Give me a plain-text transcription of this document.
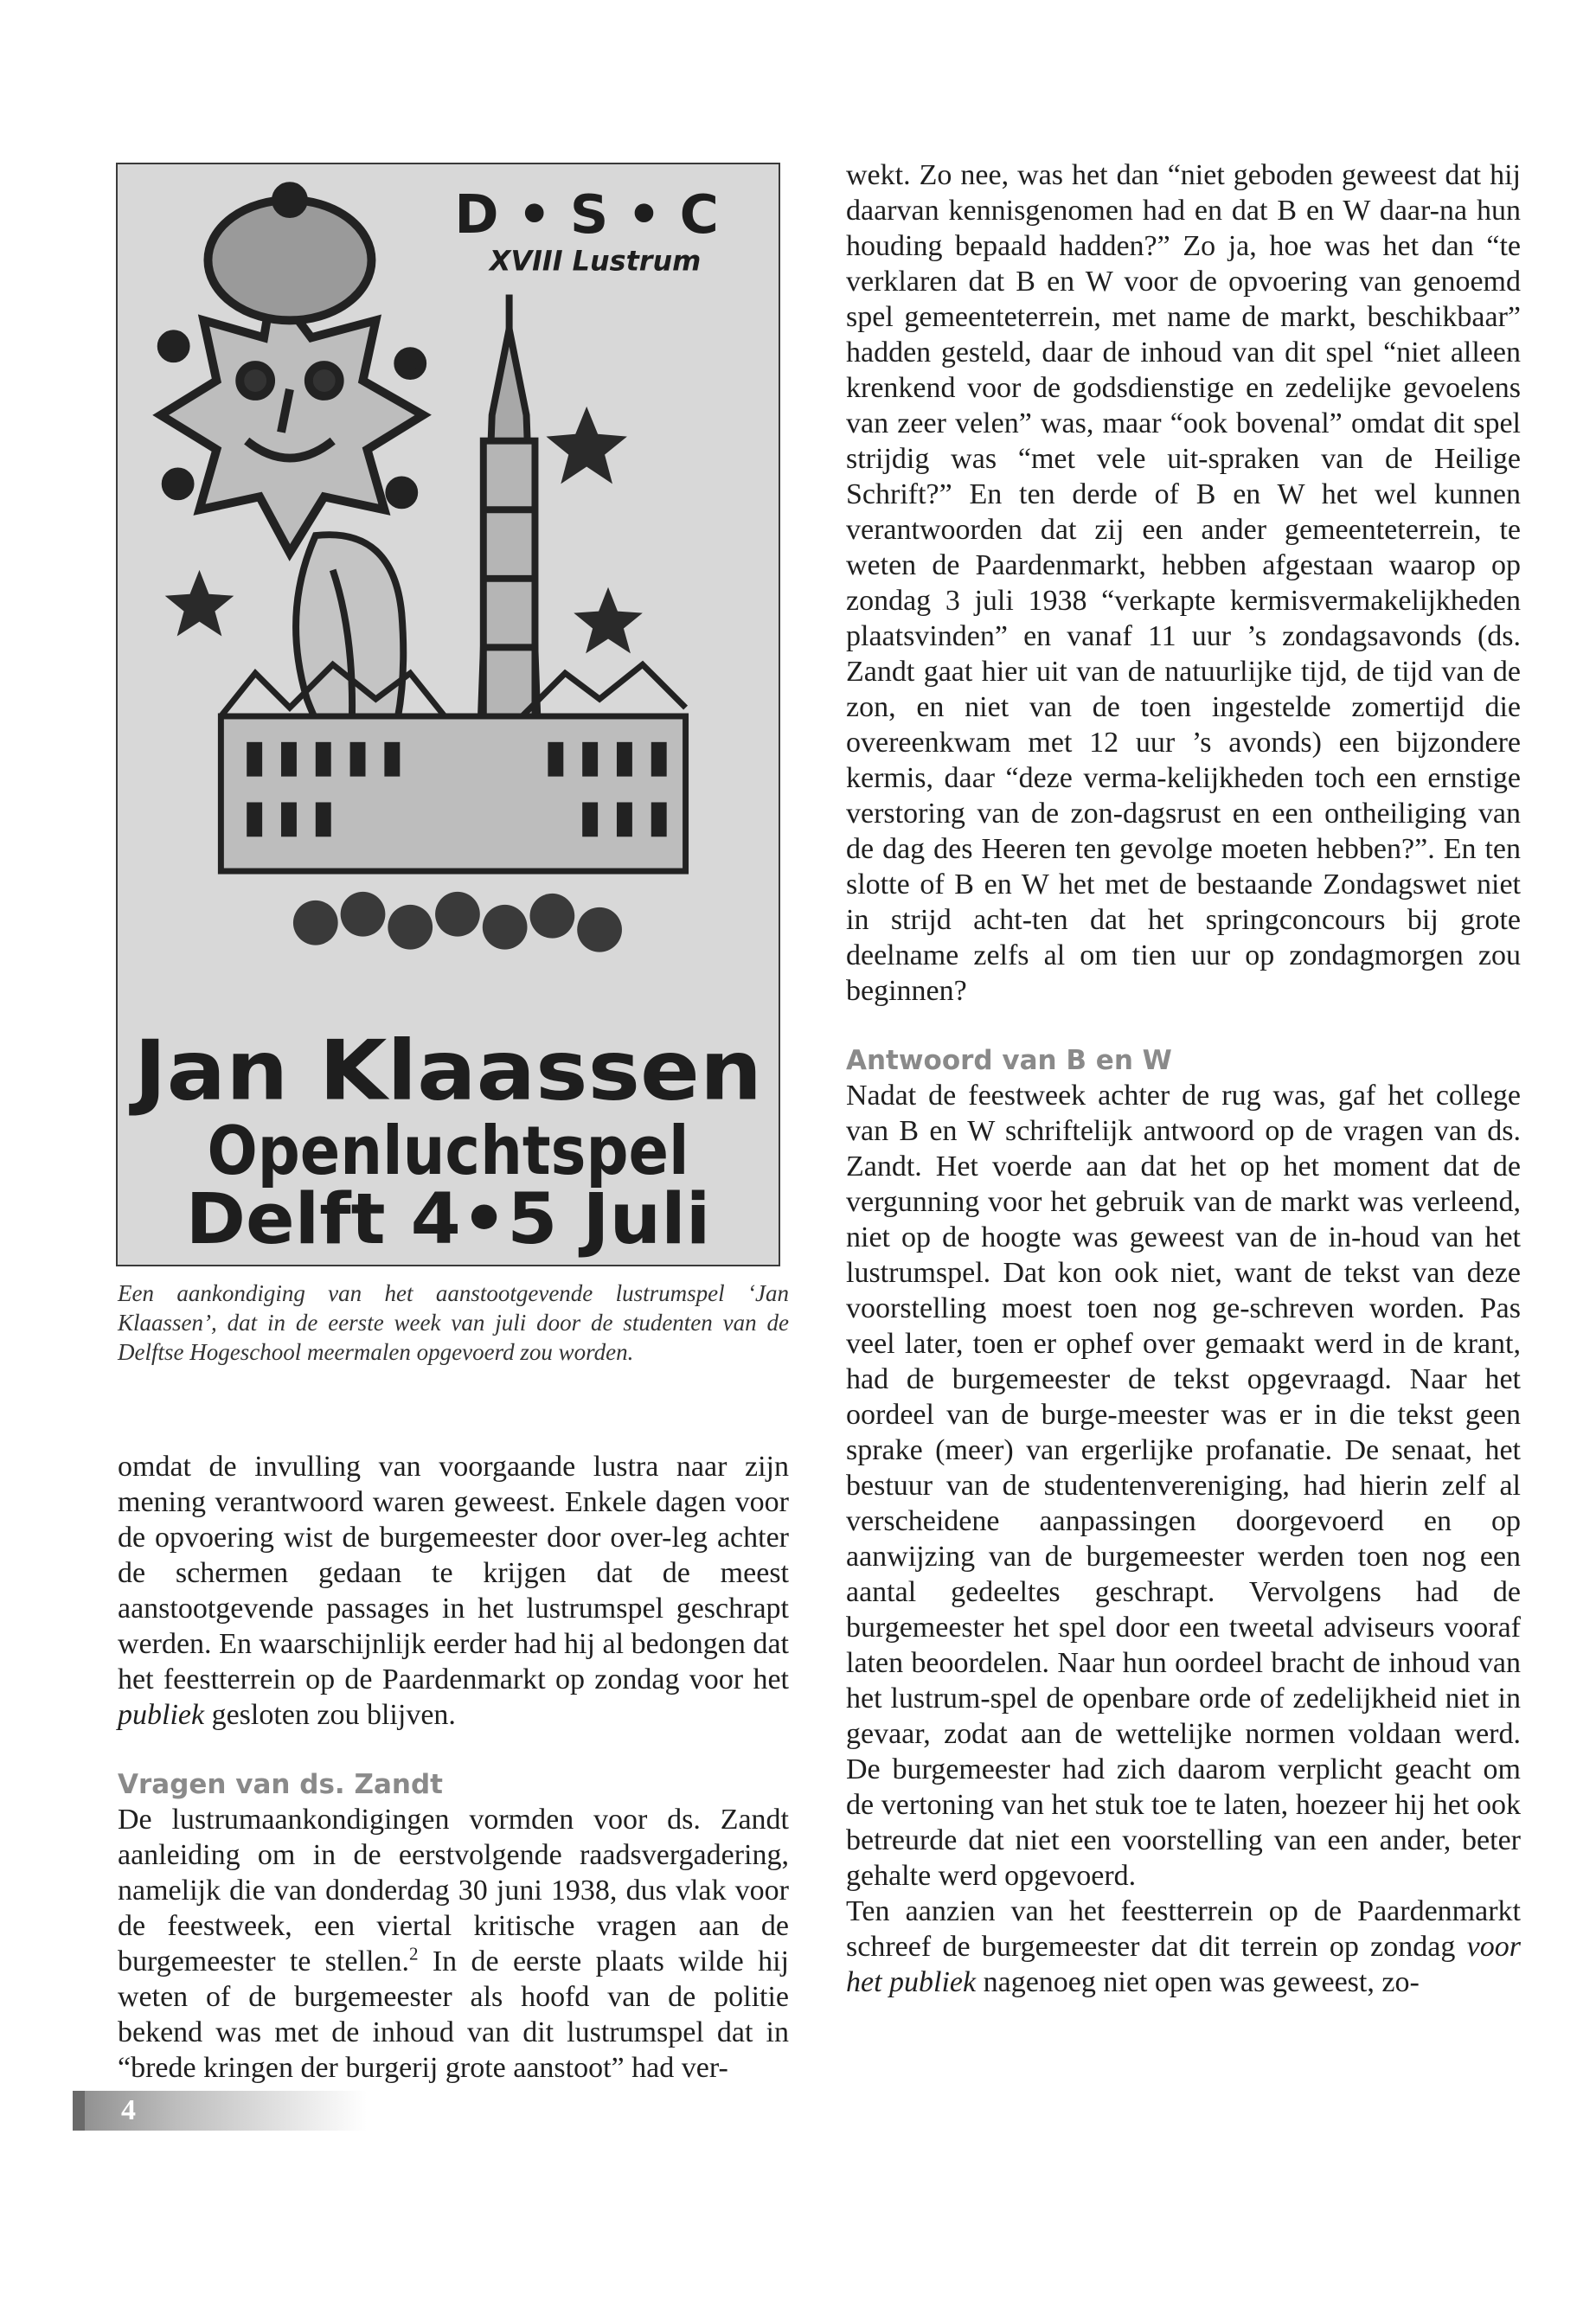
D • S • C
XVIII Lustrum
Jan Klaassen
Openluchtspel
Delft 4•5 Juli

Een aankondiging van het aanstootgevende lustrumspel ‘Jan Klaassen’, dat in de eerste week van juli door de studenten van de Delftse Hogeschool meermalen opgevoerd zou worden.

omdat de invulling van voorgaande lustra naar zijn mening verantwoord waren geweest. Enkele dagen voor de opvoering wist de burgemeester door over-leg achter de schermen gedaan te krijgen dat de meest aanstootgevende passages in het lustrumspel geschrapt werden. En waarschijnlijk eerder had hij al bedongen dat het feestterrein op de Paardenmarkt op zondag voor het publiek gesloten zou blijven.

Vragen van ds. Zandt

De lustrumaankondigingen vormden voor ds. Zandt aanleiding om in de eerstvolgende raadsvergadering, namelijk die van donderdag 30 juni 1938, dus vlak voor de feestweek, een viertal kritische vragen aan de burgemeester te stellen.$^2$ In de eerste plaats wilde hij weten of de burgemeester als hoofd van de politie bekend was met de inhoud van dit lustrumspel dat in “brede kringen der burgerij grote aanstoot” had ver-

wekt. Zo nee, was het dan “niet geboden geweest dat hij daarvan kennisgenomen had en dat B en W daar-na hun houding bepaald hadden?” Zo ja, hoe was het dan “te verklaren dat B en W voor de opvoering van genoemd spel gemeenteterrein, met name de markt, beschikbaar” hadden gesteld, daar de inhoud van dit spel “niet alleen krenkend voor de godsdienstige en zedelijke gevoelens van zeer velen” was, maar “ook bovenal” omdat dit spel strijdig was “met vele uit-spraken van de Heilige Schrift?” En ten derde of B en W het wel kunnen verantwoorden dat zij een ander gemeenteterrein, te weten de Paardenmarkt, hebben afgestaan waarop op zondag 3 juli 1938 “verkapte kermisvermakelijkheden plaatsvinden” en vanaf 11 uur ’s zondagsavonds (ds. Zandt gaat hier uit van de natuurlijke tijd, de tijd van de zon, en niet van de toen ingestelde zomertijd die overeenkwam met 12 uur ’s avonds) een bijzondere kermis, daar “deze verma-kelijkheden toch een ernstige verstoring van de zon-dagsrust en een ontheiliging van de dag des Heeren ten gevolge moeten hebben?”. En ten slotte of B en W het met de bestaande Zondagswet niet in strijd acht-ten dat het springconcours bij grote deelname zelfs al om tien uur op zondagmorgen zou beginnen?

Antwoord van B en W

Nadat de feestweek achter de rug was, gaf het college van B en W schriftelijk antwoord op de vragen van ds. Zandt. Het voerde aan dat het op het moment dat de vergunning voor het gebruik van de markt was verleend, niet op de hoogte was geweest van de in-houd van het lustrumspel. Dat kon ook niet, want de tekst van deze voorstelling moest toen nog ge-schreven worden. Pas veel later, toen er ophef over gemaakt werd in de krant, had de burgemeester de tekst opgevraagd. Naar het oordeel van de burge-meester was er in die tekst geen sprake (meer) van ergerlijke profanatie. De senaat, het bestuur van de studentenvereniging, had hierin zelf al verscheidene aanpassingen doorgevoerd en op aanwijzing van de burgemeester werden toen nog een aantal gedeeltes geschrapt. Vervolgens had de burgemeester het spel door een tweetal adviseurs vooraf laten beoordelen. Naar hun oordeel bracht de inhoud van het lustrum-spel de openbare orde of zedelijkheid niet in gevaar, zodat aan de wettelijke normen voldaan werd. De burgemeester had zich daarom verplicht geacht om de vertoning van het stuk toe te laten, hoezeer hij het ook betreurde dat niet een voorstelling van een ander, beter gehalte werd opgevoerd.

Ten aanzien van het feestterrein op de Paardenmarkt schreef de burgemeester dat dit terrein op zondag voor het publiek nagenoeg niet open was geweest, zo-

4
